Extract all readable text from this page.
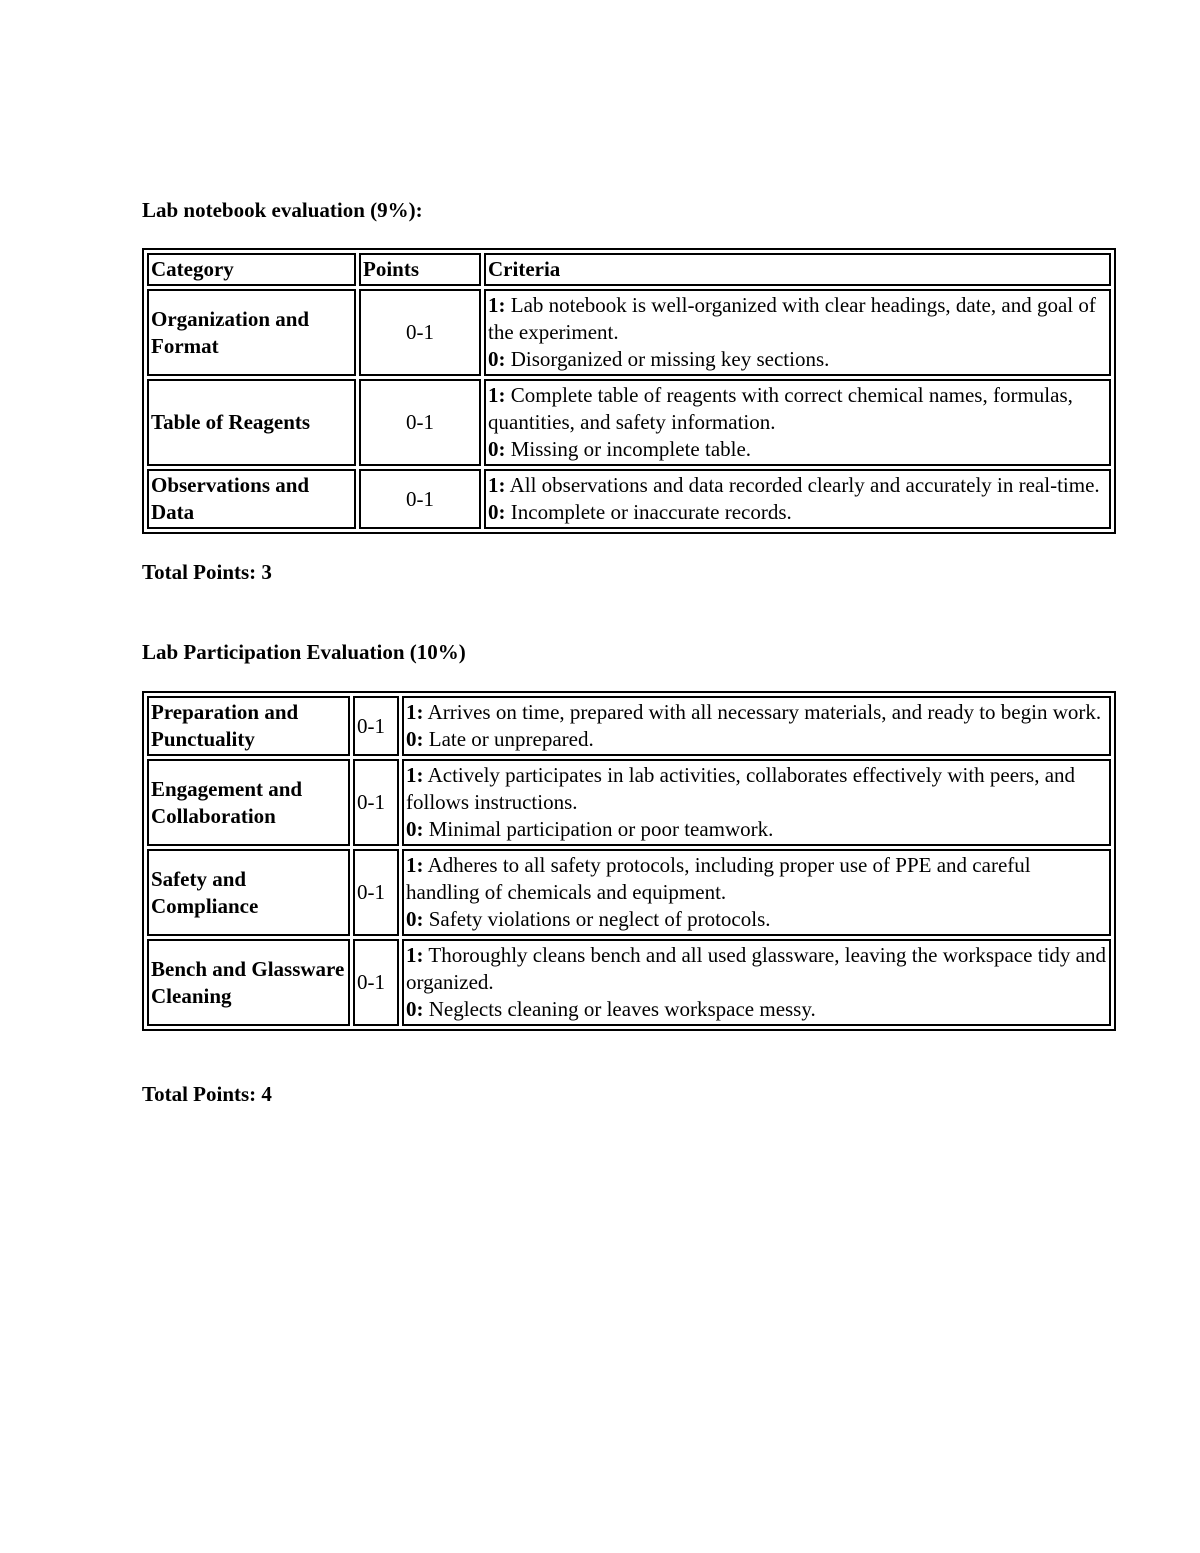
Lab notebook evaluation (9%):
Category	Points	Criteria
Organization and Format	0-1	1: Lab notebook is well-organized with clear headings, date, and goal of the experiment.
0: Disorganized or missing key sections.
Table of Reagents	0-1	1: Complete table of reagents with correct chemical names, formulas, quantities, and safety information.
0: Missing or incomplete table.
Observations and Data	0-1	1: All observations and data recorded clearly and accurately in real-time.
0: Incomplete or inaccurate records.
Total Points: 3
Lab Participation Evaluation (10%)
Preparation and Punctuality	0-1	1: Arrives on time, prepared with all necessary materials, and ready to begin work.
0: Late or unprepared.
Engagement and Collaboration	0-1	1: Actively participates in lab activities, collaborates effectively with peers, and follows instructions.
0: Minimal participation or poor teamwork.
Safety and Compliance	0-1	1: Adheres to all safety protocols, including proper use of PPE and careful handling of chemicals and equipment.
0: Safety violations or neglect of protocols.
Bench and Glassware Cleaning	0-1	1: Thoroughly cleans bench and all used glassware, leaving the workspace tidy and organized.
0: Neglects cleaning or leaves workspace messy.
Total Points: 4
